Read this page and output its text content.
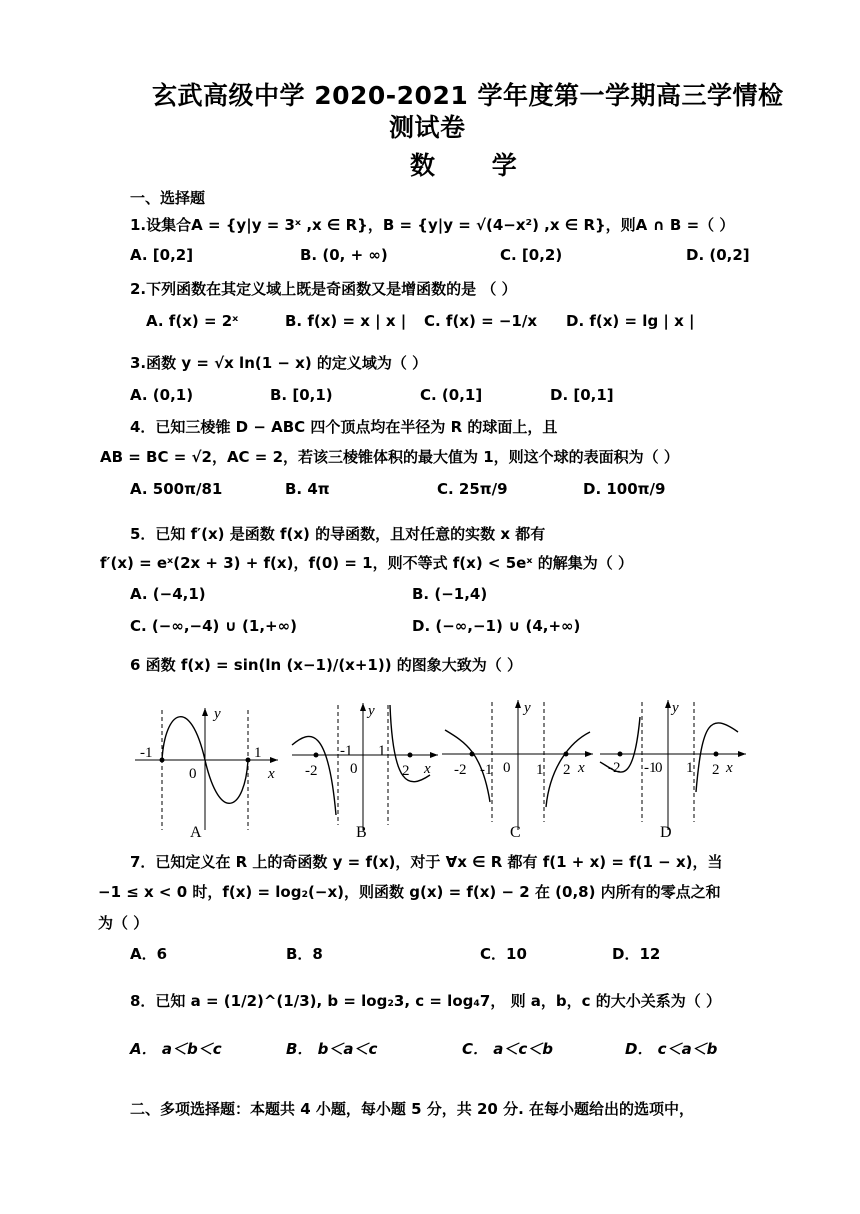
玄武高级中学 2020-2021 学年度第一学期高三学情检
测试卷
数 学
一、选择题
1.设集合A = {y|y = 3ˣ ,x ∈ R}，B = {y|y = √(4−x²) ,x ∈ R}，则A ∩ B =（ ）
A. [0,2]	B. (0, + ∞)	C. [0,2)	D. (0,2]
2.下列函数在其定义域上既是奇函数又是增函数的是 （ ）
A. f(x) = 2ˣ	B. f(x) = x | x | C. f(x) = −1/x D. f(x) = lg | x |
3.函数 y = √x ln(1 − x) 的定义域为（ ）
A. (0,1)	B. [0,1)	C. (0,1]	D. [0,1]
4．已知三棱锥 D − ABC 四个顶点均在半径为 R 的球面上，且
AB = BC = √2，AC = 2，若该三棱锥体积的最大值为 1，则这个球的表面积为（ ）
A. 500π/81	B. 4π	C. 25π/9	D. 100π/9
5．已知 f′(x) 是函数 f(x) 的导函数，且对任意的实数 x 都有
f′(x) = eˣ(2x + 3) + f(x)，f(0) = 1，则不等式 f(x) < 5eˣ 的解集为（ ）
A. (−4,1)	B. (−1,4)
C. (−∞,−4) ∪ (1,+∞)	D. (−∞,−1) ∪ (4,+∞)
6 函数 f(x) = sin(ln (x−1)/(x+1)) 的图象大致为（ ）
y
x
-1
0
1
A
y
x
-2
-1
0
1
2
B
y
x
-2 -1 0 1 2
C
y
x
-2 -1
0 1 2
D
7．已知定义在 R 上的奇函数 y = f(x)，对于 ∀x ∈ R 都有 f(1 + x) = f(1 − x)，当
−1 ≤ x < 0 时，f(x) = log₂(−x)，则函数 g(x) = f(x) − 2 在 (0,8) 内所有的零点之和
为（ ）
A．6	B．8	C．10	D．12
8．已知 a = (1/2)^(1/3), b = log₂3, c = log₄7， 则 a，b，c 的大小关系为（ ）
A． a＜b＜c	B． b＜a＜c	C． a＜c＜b	D． c＜a＜b
二、多项选择题：本题共 4 小题，每小题 5 分，共 20 分. 在每小题给出的选项中，
